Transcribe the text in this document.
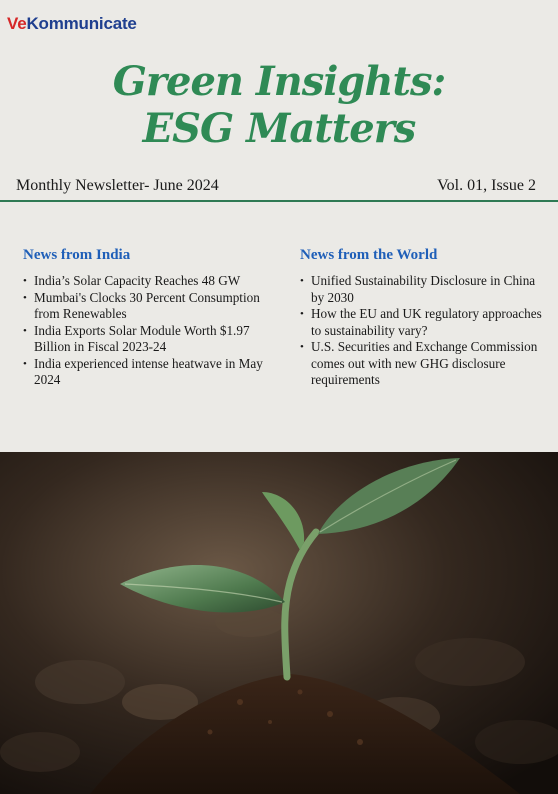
VeKommunicate
Green Insights:
ESG Matters
Monthly Newsletter- June 2024	Vol. 01, Issue 2
News from India
• India’s Solar Capacity Reaches 48 GW
• Mumbai's Clocks 30 Percent Consumption from Renewables
• India Exports Solar Module Worth $1.97 Billion in Fiscal 2023-24
• India experienced intense heatwave in May 2024
News from the World
• Unified Sustainability Disclosure in China by 2030
• How the EU and UK regulatory approaches to sustainability vary?
• U.S. Securities and Exchange Commission comes out with new GHG disclosure requirements
